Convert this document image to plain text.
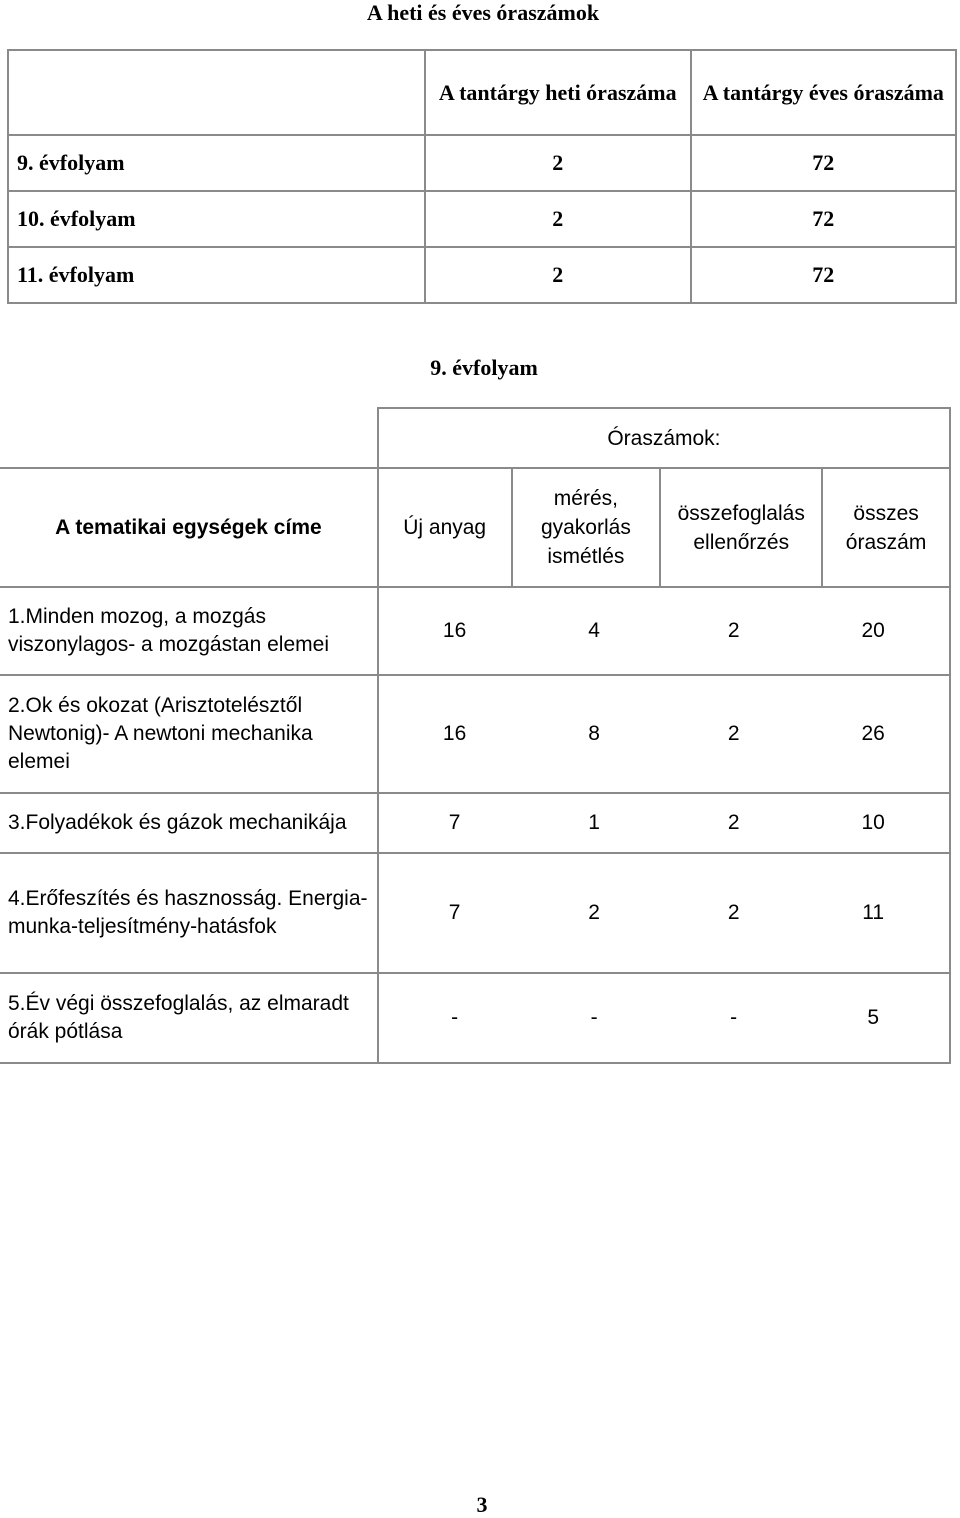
A heti és éves óraszámok
	A tantárgy heti óraszáma	A tantárgy éves óraszáma
9. évfolyam	2	72
10. évfolyam	2	72
11. évfolyam	2	72
9. évfolyam
	Óraszámok:			
A tematikai egységek címe	Új anyag	mérés, gyakorlás ismétlés	összefoglalás ellenőrzés	összes óraszám
1.Minden mozog, a mozgás viszonylagos- a mozgástan elemei	16 4 2 20			

2.Ok és okozat (Arisztotelésztől Newtonig)- A newtoni mechanika elemei	16 8 2 26			

3.Folyadékok és gázok mechanikája	7 1 2 10			

4.Erőfeszítés és hasznosság. Energia-munka-teljesítmény-hatásfok	7 2 2 11			

5.Év végi összefoglalás, az elmaradt órák pótlása	- - - 5			
3
